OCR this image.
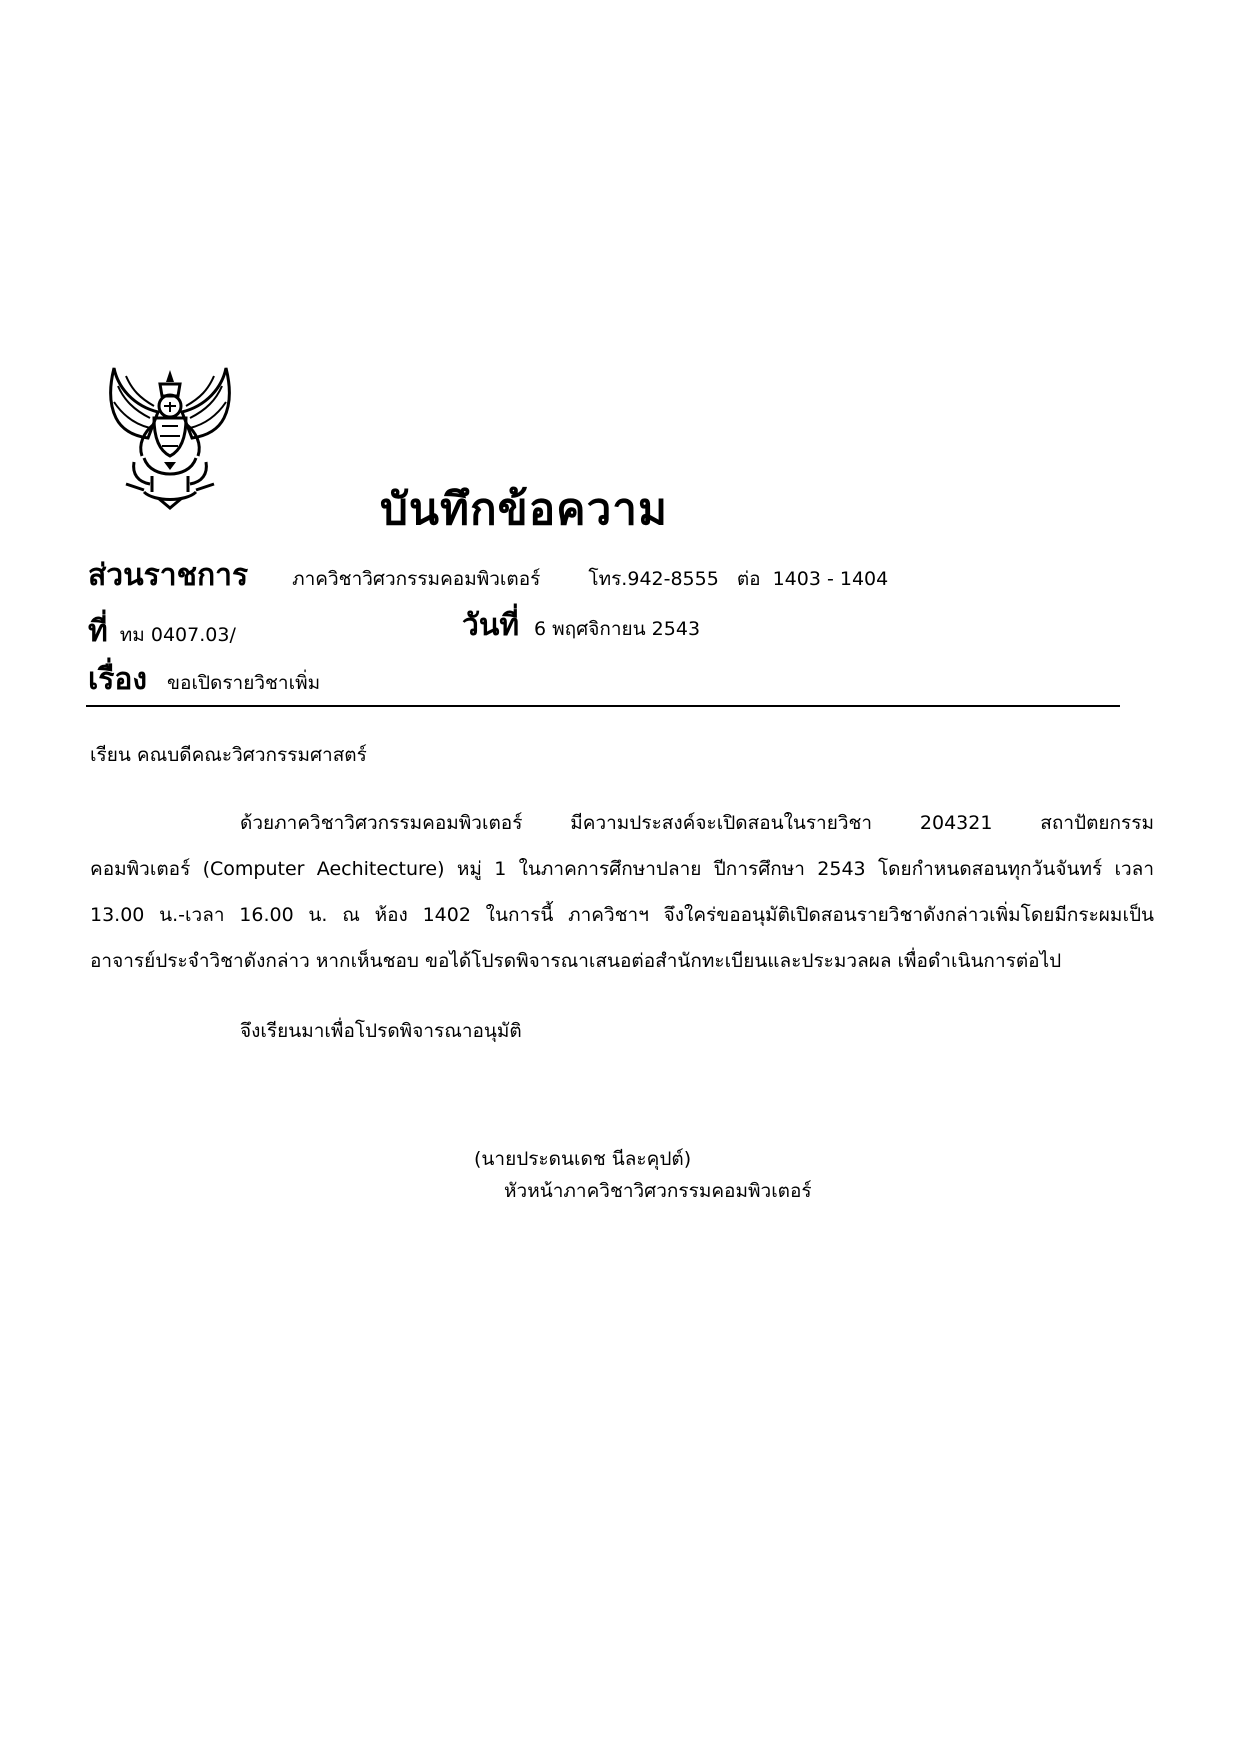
บันทึกข้อความ
ส่วนราชการ ภาควิชาวิศวกรรมคอมพิวเตอร์	โทร.942-8555 ต่อ 1403 - 1404
ที่ ทม 0407.03/	วันที่ 6 พฤศจิกายน 2543
เรื่อง ขอเปิดรายวิชาเพิ่ม
เรียน คณบดีคณะวิศวกรรมศาสตร์
ด้วยภาควิชาวิศวกรรมคอมพิวเตอร์ มีความประสงค์จะเปิดสอนในรายวิชา 204321 สถาปัตยกรรม
คอมพิวเตอร์ (Computer Aechitecture) หมู่ 1 ในภาคการศึกษาปลาย ปีการศึกษา 2543 โดยกำหนดสอนทุกวันจันทร์ เวลา
13.00 น.-เวลา 16.00 น. ณ ห้อง 1402 ในการนี้ ภาควิชาฯ จึงใคร่ขออนุมัติเปิดสอนรายวิชาดังกล่าวเพิ่มโดยมีกระผมเป็น
อาจารย์ประจำวิชาดังกล่าว หากเห็นชอบ ขอได้โปรดพิจารณาเสนอต่อสำนักทะเบียนและประมวลผล เพื่อดำเนินการต่อไป
จึงเรียนมาเพื่อโปรดพิจารณาอนุมัติ
(นายประดนเดช นีละคุปต์)
หัวหน้าภาควิชาวิศวกรรมคอมพิวเตอร์
